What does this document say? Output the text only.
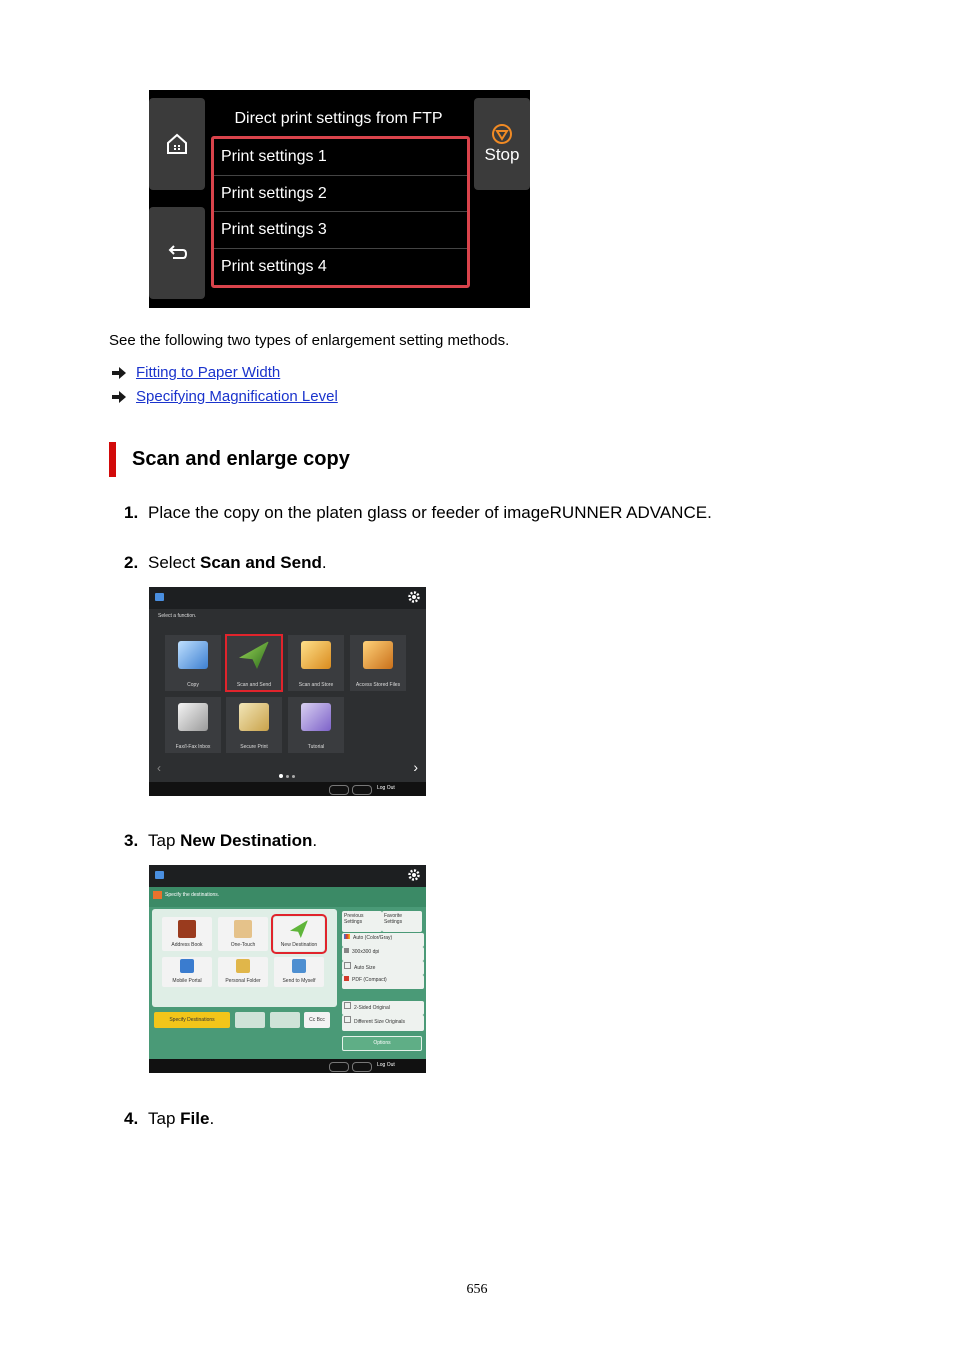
Direct print settings from FTP
Print settings 1
Print settings 2
Print settings 3
Print settings 4
Stop
See the following two types of enlargement setting methods.
Fitting to Paper Width
Specifying Magnification Level
Scan and enlarge copy
1. Place the copy on the platen glass or feeder of imageRUNNER ADVANCE.
2. Select Scan and Send.
Select a function.
Copy	Scan and Send	Scan and Store	Access Stored Files
Fax/I-Fax Inbox	Secure Print	Tutorial
‹	›
Log Out
3. Tap New Destination.
Specify the destinations.
Address Book	One-Touch	New Destination
Mobile Portal	Personal Folder	Send to Myself
Specify Destinations	Cc Bcc
Previous Settings
Favorite Settings
Auto (Color/Gray)
300x300 dpi
Auto Size
PDF (Compact)
2-Sided Original
Different Size Originals
Options
Log Out
4. Tap File.
656
